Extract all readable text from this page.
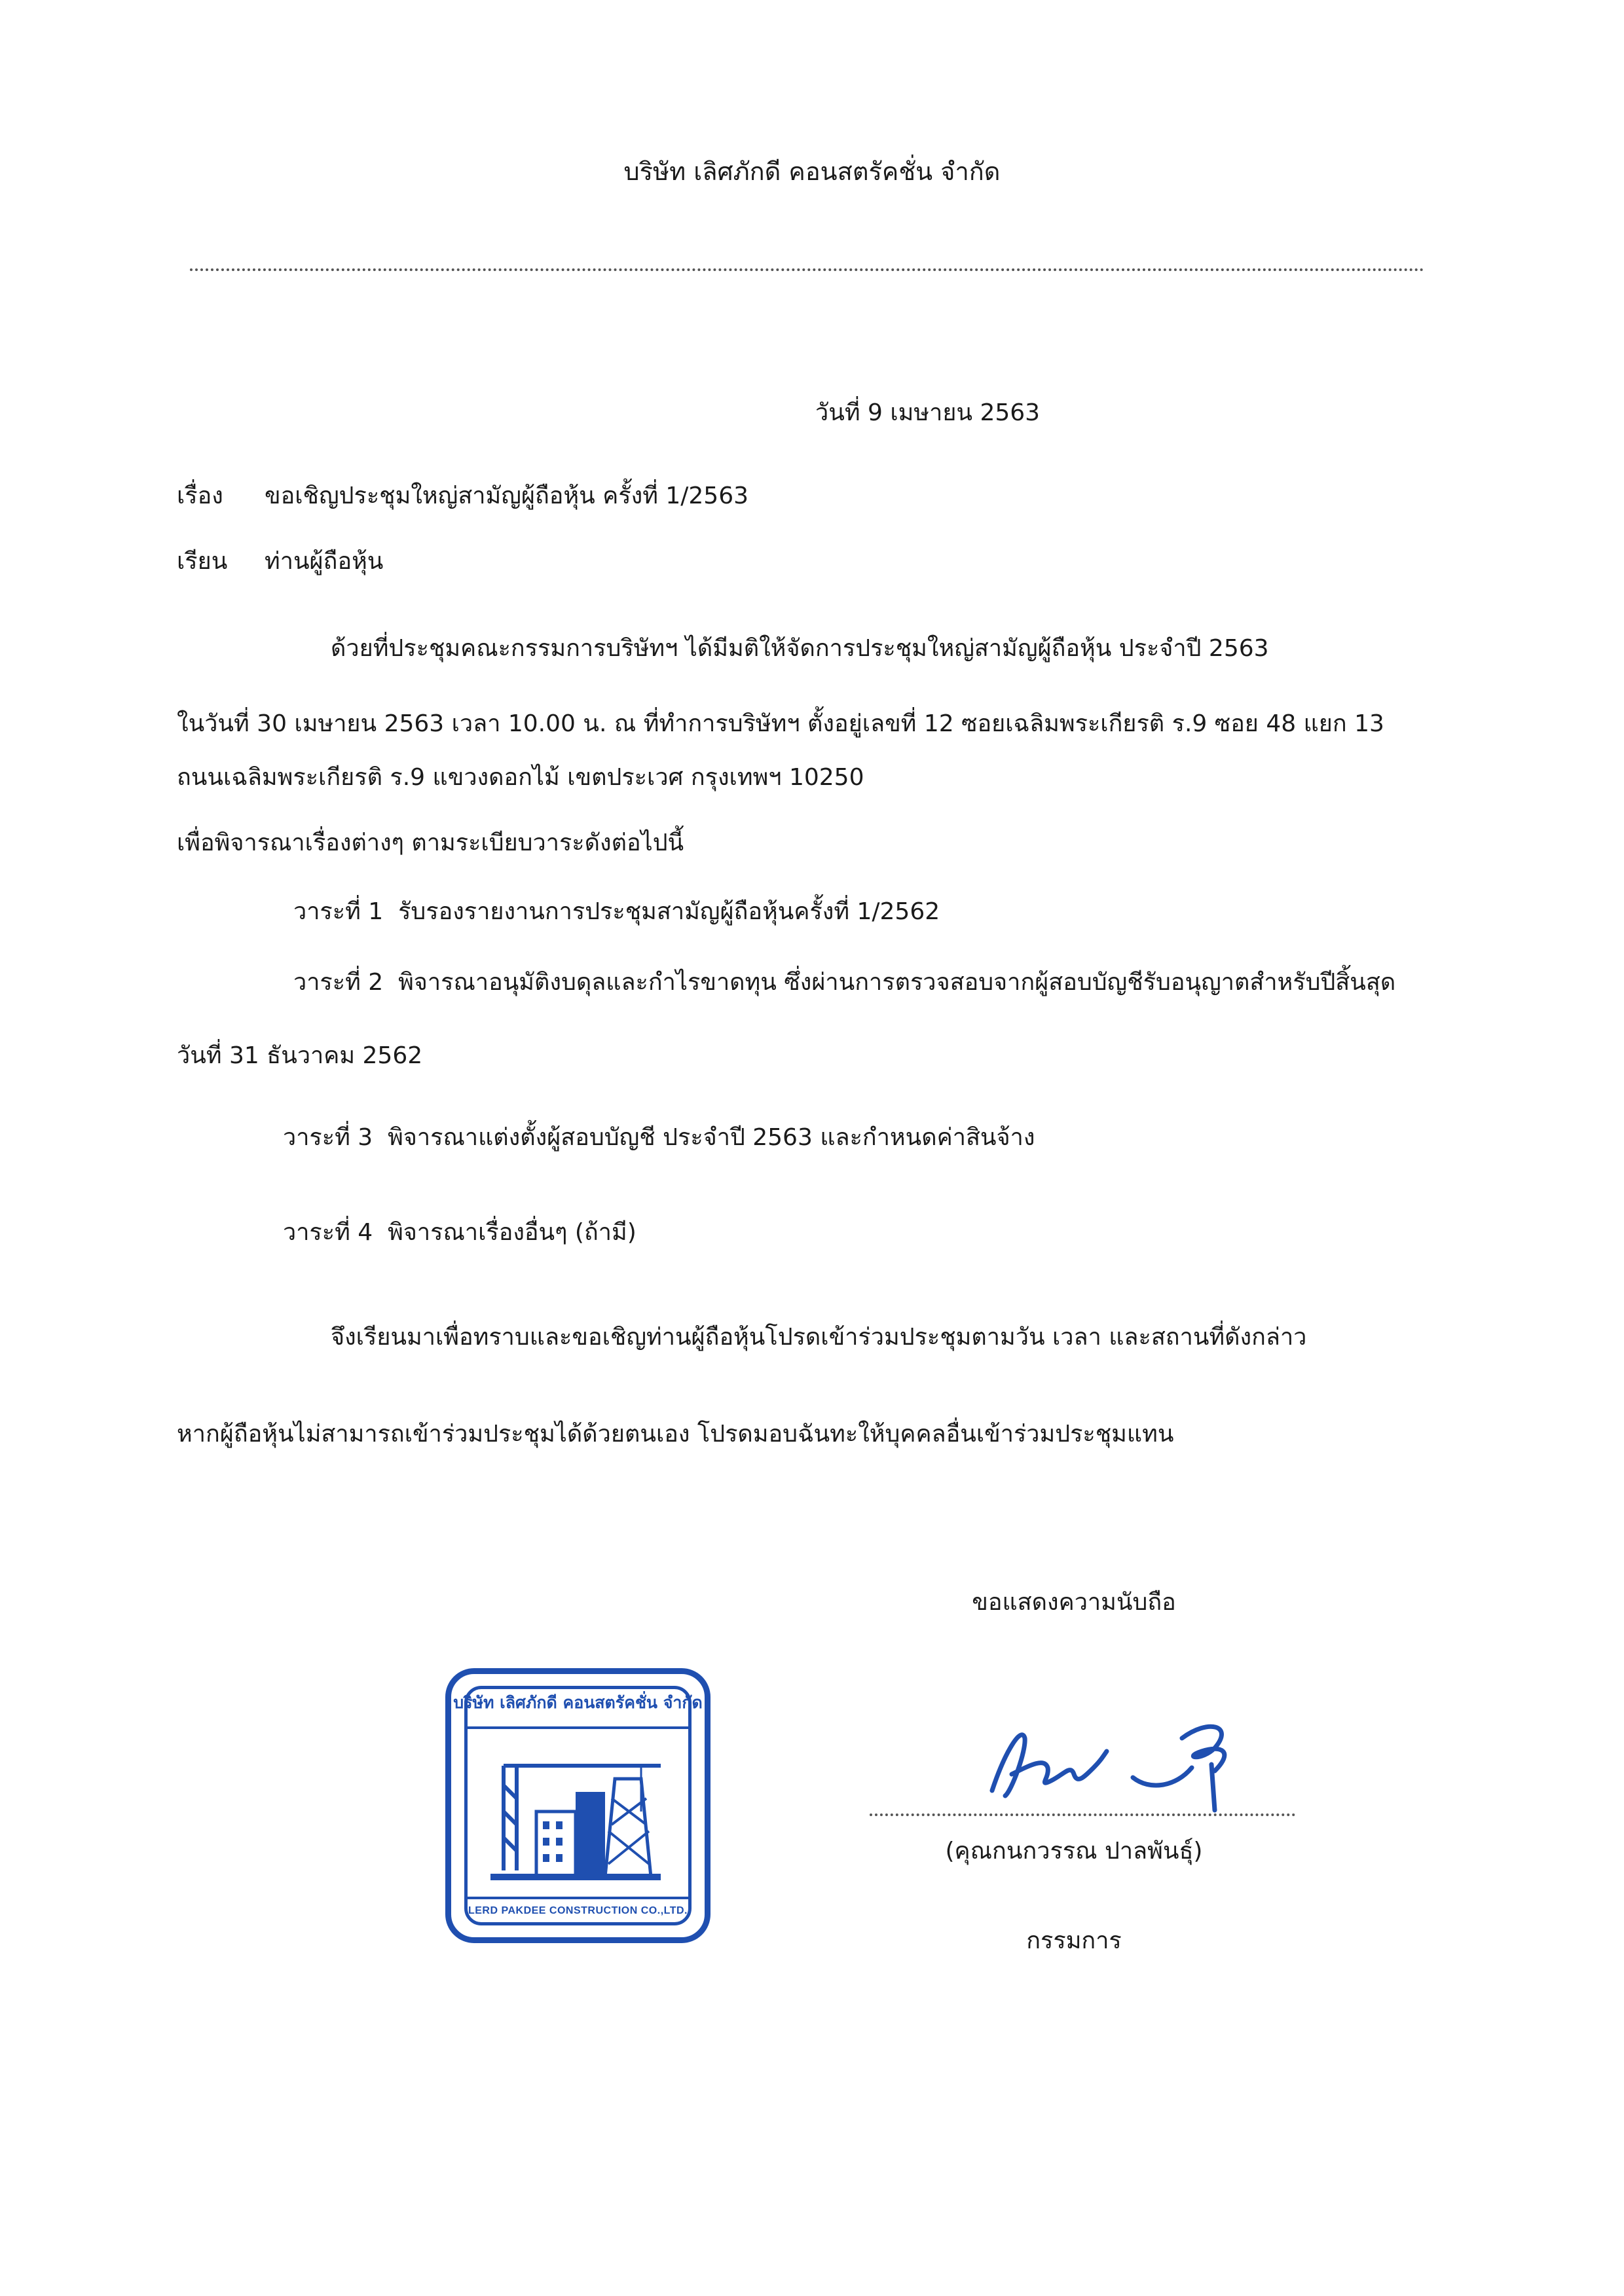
บริษัท เลิศภักดี คอนสตรัคชั่น จำกัด
วันที่ 9 เมษายน 2563
เรื่อง ขอเชิญประชุมใหญ่สามัญผู้ถือหุ้น ครั้งที่ 1/2563
เรียน ท่านผู้ถือหุ้น
ด้วยที่ประชุมคณะกรรมการบริษัทฯ ได้มีมติให้จัดการประชุมใหญ่สามัญผู้ถือหุ้น ประจำปี 2563
ในวันที่ 30 เมษายน 2563 เวลา 10.00 น. ณ ที่ทำการบริษัทฯ ตั้งอยู่เลขที่ 12 ซอยเฉลิมพระเกียรติ ร.9 ซอย 48 แยก 13
ถนนเฉลิมพระเกียรติ ร.9 แขวงดอกไม้ เขตประเวศ กรุงเทพฯ 10250
เพื่อพิจารณาเรื่องต่างๆ ตามระเบียบวาระดังต่อไปนี้
วาระที่ 1 รับรองรายงานการประชุมสามัญผู้ถือหุ้นครั้งที่ 1/2562
วาระที่ 2 พิจารณาอนุมัติงบดุลและกำไรขาดทุน ซึ่งผ่านการตรวจสอบจากผู้สอบบัญชีรับอนุญาตสำหรับปีสิ้นสุด
วันที่ 31 ธันวาคม 2562
วาระที่ 3 พิจารณาแต่งตั้งผู้สอบบัญชี ประจำปี 2563 และกำหนดค่าสินจ้าง
วาระที่ 4 พิจารณาเรื่องอื่นๆ (ถ้ามี)
จึงเรียนมาเพื่อทราบและขอเชิญท่านผู้ถือหุ้นโปรดเข้าร่วมประชุมตามวัน เวลา และสถานที่ดังกล่าว
หากผู้ถือหุ้นไม่สามารถเข้าร่วมประชุมได้ด้วยตนเอง โปรดมอบฉันทะให้บุคคลอื่นเข้าร่วมประชุมแทน
ขอแสดงความนับถือ
(คุณกนกวรรณ ปาลพันธุ์)
กรรมการ
บริษัท เลิศภักดี คอนสตรัคชั่น จำกัด
LERD PAKDEE CONSTRUCTION CO.,LTD.
